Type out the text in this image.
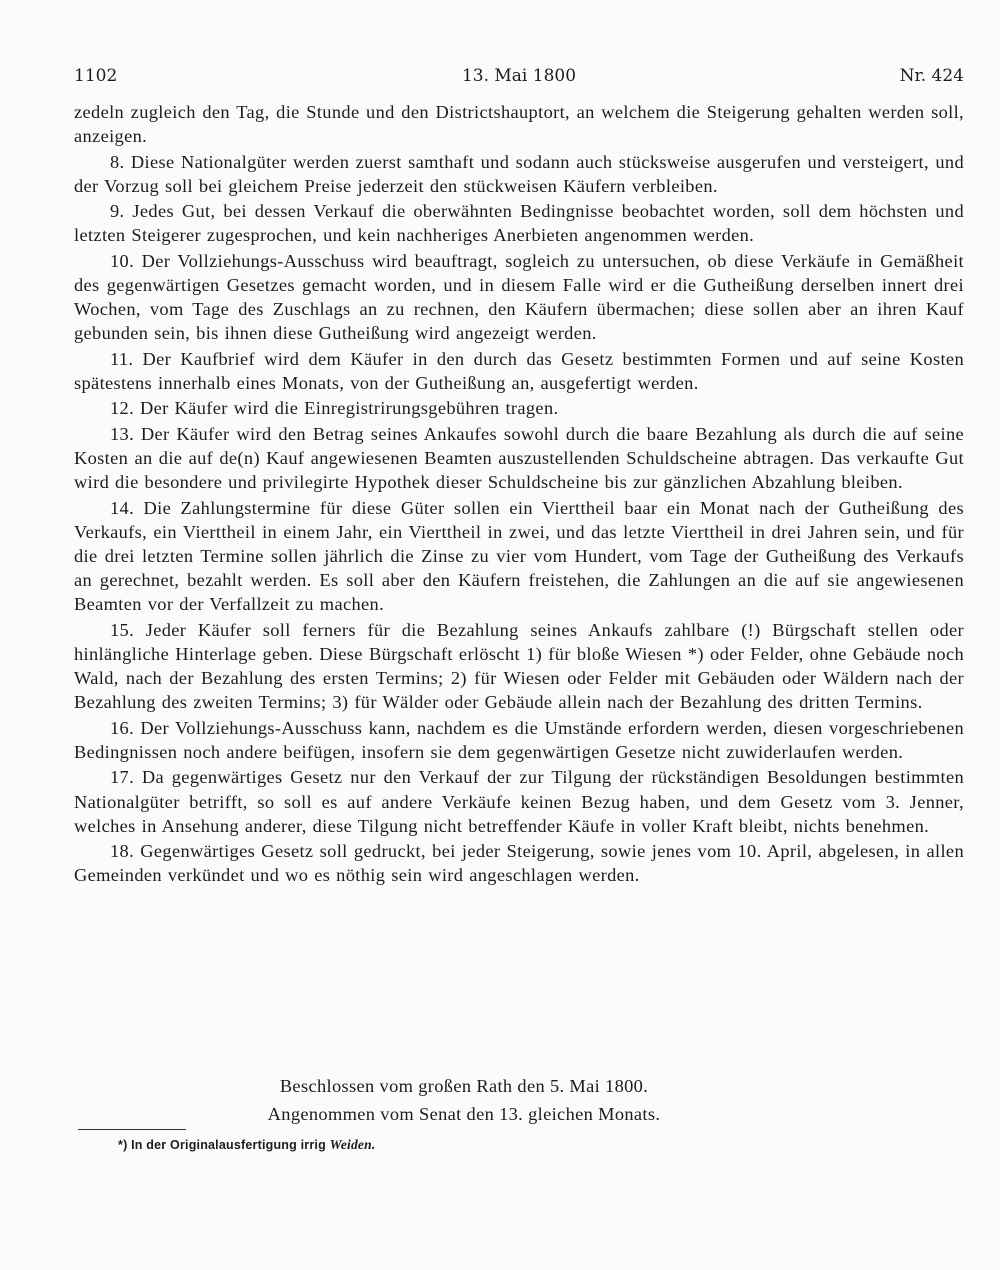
1102	13. Mai 1800	Nr. 424

zedeln zugleich den Tag, die Stunde und den Districtshauptort, an welchem die Steigerung gehalten werden soll, anzeigen.

8. Diese Nationalgüter werden zuerst samthaft und sodann auch stücksweise ausgerufen und versteigert, und der Vorzug soll bei gleichem Preise jederzeit den stückweisen Käufern verbleiben.

9. Jedes Gut, bei dessen Verkauf die oberwähnten Bedingnisse beobachtet worden, soll dem höchsten und letzten Steigerer zugesprochen, und kein nachheriges Anerbieten angenommen werden.

10. Der Vollziehungs-Ausschuss wird beauftragt, sogleich zu untersuchen, ob diese Verkäufe in Gemäßheit des gegenwärtigen Gesetzes gemacht worden, und in diesem Falle wird er die Gutheißung derselben innert drei Wochen, vom Tage des Zuschlags an zu rechnen, den Käufern übermachen; diese sollen aber an ihren Kauf gebunden sein, bis ihnen diese Gutheißung wird angezeigt werden.

11. Der Kaufbrief wird dem Käufer in den durch das Gesetz bestimmten Formen und auf seine Kosten spätestens innerhalb eines Monats, von der Gutheißung an, ausgefertigt werden.

12. Der Käufer wird die Einregistrirungsgebühren tragen.

13. Der Käufer wird den Betrag seines Ankaufes sowohl durch die baare Bezahlung als durch die auf seine Kosten an die auf de(n) Kauf angewiesenen Beamten auszustellenden Schuldscheine abtragen. Das verkaufte Gut wird die besondere und privilegirte Hypothek dieser Schuldscheine bis zur gänzlichen Abzahlung bleiben.

14. Die Zahlungstermine für diese Güter sollen ein Vierttheil baar ein Monat nach der Gutheißung des Verkaufs, ein Vierttheil in einem Jahr, ein Vierttheil in zwei, und das letzte Vierttheil in drei Jahren sein, und für die drei letzten Termine sollen jährlich die Zinse zu vier vom Hundert, vom Tage der Gutheißung des Verkaufs an gerechnet, bezahlt werden. Es soll aber den Käufern freistehen, die Zahlungen an die auf sie angewiesenen Beamten vor der Verfallzeit zu machen.

15. Jeder Käufer soll ferners für die Bezahlung seines Ankaufs zahlbare (!) Bürgschaft stellen oder hinlängliche Hinterlage geben. Diese Bürgschaft erlöscht 1) für bloße Wiesen *) oder Felder, ohne Gebäude noch Wald, nach der Bezahlung des ersten Termins; 2) für Wiesen oder Felder mit Gebäuden oder Wäldern nach der Bezahlung des zweiten Termins; 3) für Wälder oder Gebäude allein nach der Bezahlung des dritten Termins.

16. Der Vollziehungs-Ausschuss kann, nachdem es die Umstände erfordern werden, diesen vorgeschriebenen Bedingnissen noch andere beifügen, insofern sie dem gegenwärtigen Gesetze nicht zuwiderlaufen werden.

17. Da gegenwärtiges Gesetz nur den Verkauf der zur Tilgung der rückständigen Besoldungen bestimmten Nationalgüter betrifft, so soll es auf andere Verkäufe keinen Bezug haben, und dem Gesetz vom 3. Jenner, welches in Ansehung anderer, diese Tilgung nicht betreffender Käufe in voller Kraft bleibt, nichts benehmen.

18. Gegenwärtiges Gesetz soll gedruckt, bei jeder Steigerung, sowie jenes vom 10. April, abgelesen, in allen Gemeinden verkündet und wo es nöthig sein wird angeschlagen werden.

Beschlossen vom großen Rath den 5. Mai 1800.
Angenommen vom Senat den 13. gleichen Monats.
*) In der Originalausfertigung irrig Weiden.
